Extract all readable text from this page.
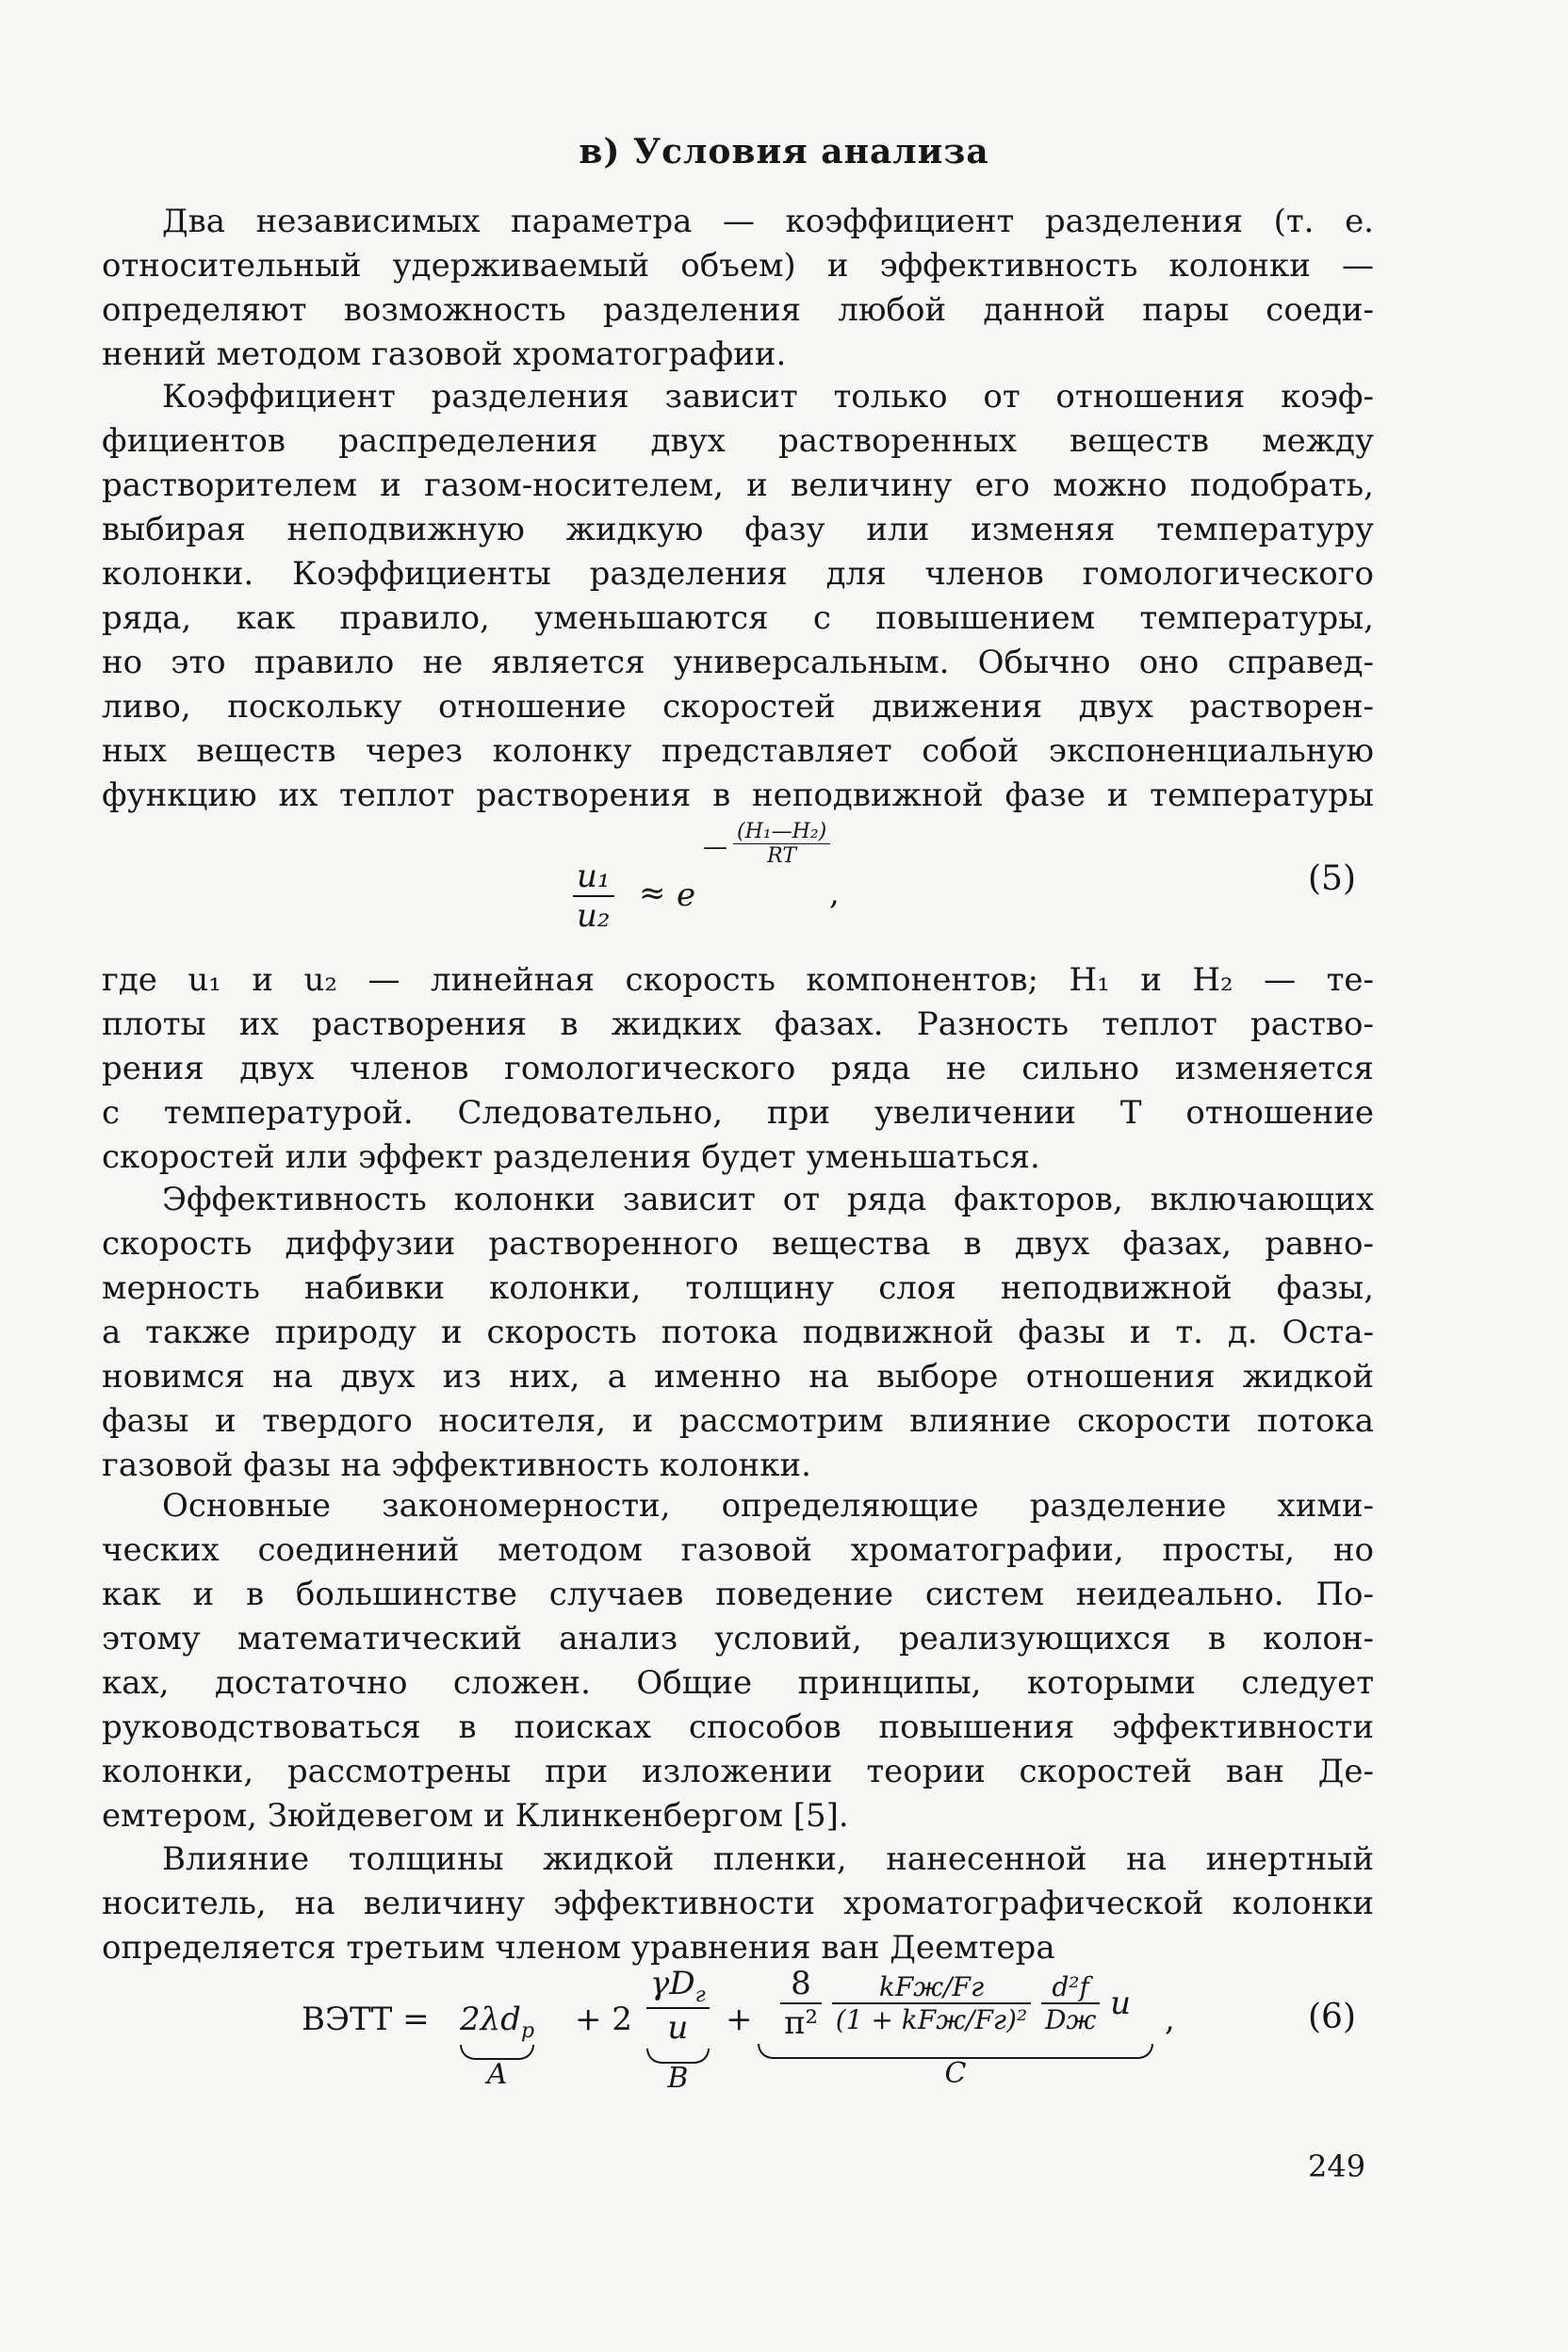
в) Условия анализа
Два независимых параметра — коэффициент разделения (т. е.
относительный удерживаемый объем) и эффективность колонки —
определяют возможность разделения любой данной пары соеди-
нений методом газовой хроматографии.
Коэффициент разделения зависит только от отношения коэф-
фициентов распределения двух растворенных веществ между
растворителем и газом-носителем, и величину его можно подобрать,
выбирая неподвижную жидкую фазу или изменяя температуру
колонки. Коэффициенты разделения для членов гомологического
ряда, как правило, уменьшаются с повышением температуры,
но это правило не является универсальным. Обычно оно справед-
ливо, поскольку отношение скоростей движения двух растворен-
ных веществ через колонку представляет собой экспоненциальную
функцию их теплот растворения в неподвижной фазе и температуры
$\frac{\text{u₁}}{\text{u₂}} \approx e$
— $\frac{\text{(H₁—H₂)}}{RT}$
,	(5)
где u₁ и u₂ — линейная скорость компонентов; H₁ и H₂ — те-
плоты их растворения в жидких фазах. Разность теплот раство-
рения двух членов гомологического ряда не сильно изменяется
с температурой. Следовательно, при увеличении T отношение
скоростей или эффект разделения будет уменьшаться.
Эффективность колонки зависит от ряда факторов, включающих
скорость диффузии растворенного вещества в двух фазах, равно-
мерность набивки колонки, толщину слоя неподвижной фазы,
а также природу и скорость потока подвижной фазы и т. д. Оста-
новимся на двух из них, а именно на выборе отношения жидкой
фазы и твердого носителя, и рассмотрим влияние скорости потока
газовой фазы на эффективность колонки.
Основные закономерности, определяющие разделение хими-
ческих соединений методом газовой хроматографии, просты, но
как и в большинстве случаев поведение систем неидеально. По-
этому математический анализ условий, реализующихся в колон-
ках, достаточно сложен. Общие принципы, которыми следует
руководствоваться в поисках способов повышения эффективности
колонки, рассмотрены при изложении теории скоростей ван Де-
емтером, Зюйдевегом и Клинкенбергом [5].
Влияние толщины жидкой пленки, нанесенной на инертный
носитель, на величину эффективности хроматографической колонки
определяется третьим членом уравнения ван Деемтера
ВЭТТ = $2\lambda d_p$
A
+ $2 \frac{\gamma D_г}{u}$
B
+ $\frac{8}{\text{π²}}$
$\frac{\text{kFж/Fг}}{\text{(1 + kFж/Fг)²}}$
$\frac{\text{d²f}}{Dж}$ u
C
,	(6)
249
